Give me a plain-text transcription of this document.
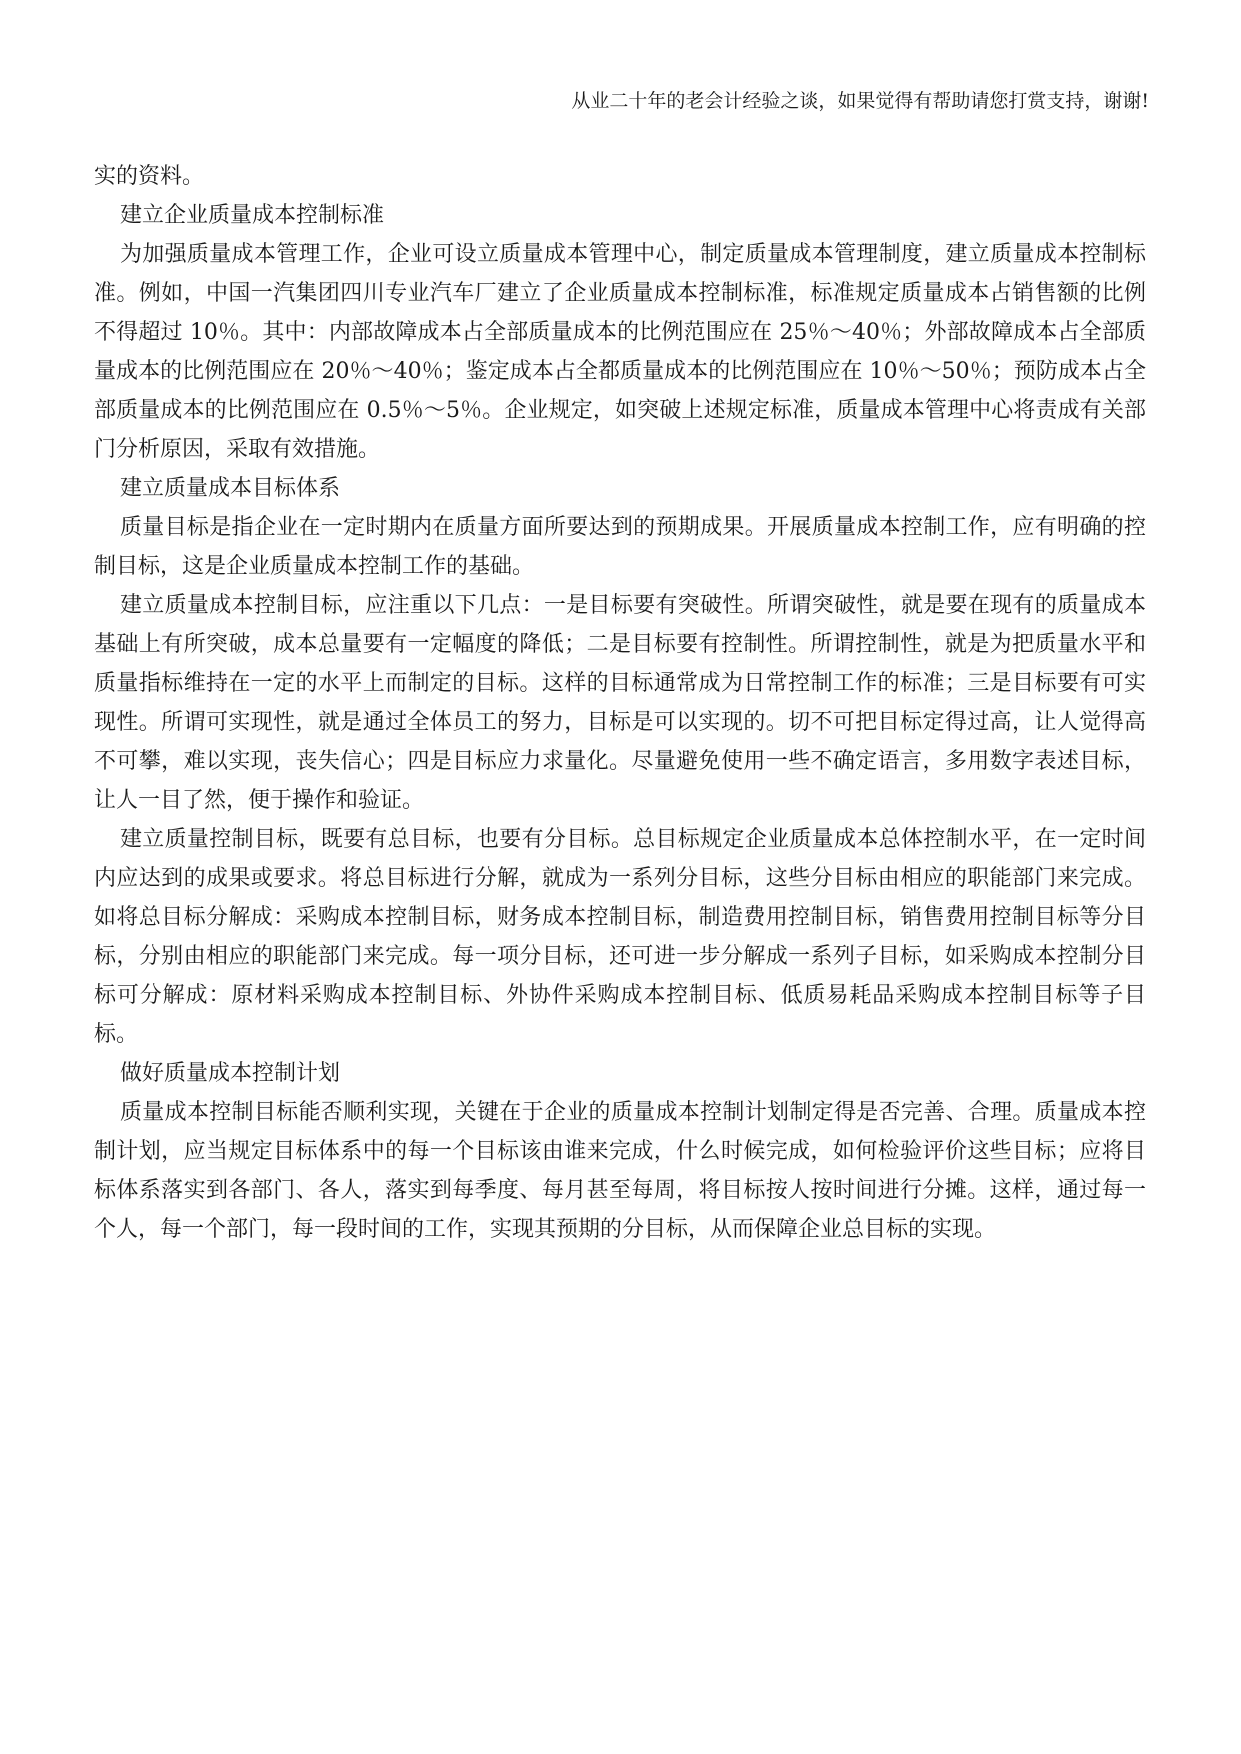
从业二十年的老会计经验之谈，如果觉得有帮助请您打赏支持，谢谢!

实的资料。

建立企业质量成本控制标准

为加强质量成本管理工作，企业可设立质量成本管理中心，制定质量成本管理制度，建立质量成本控制标准。例如，中国一汽集团四川专业汽车厂建立了企业质量成本控制标准，标准规定质量成本占销售额的比例不得超过 10％。其中：内部故障成本占全部质量成本的比例范围应在 25％～40％；外部故障成本占全部质量成本的比例范围应在 20％～40％；鉴定成本占全都质量成本的比例范围应在 10％～50％；预防成本占全部质量成本的比例范围应在 0.5％～5％。企业规定，如突破上述规定标准，质量成本管理中心将责成有关部门分析原因，采取有效措施。

建立质量成本目标体系

质量目标是指企业在一定时期内在质量方面所要达到的预期成果。开展质量成本控制工作，应有明确的控制目标，这是企业质量成本控制工作的基础。

建立质量成本控制目标，应注重以下几点：一是目标要有突破性。所谓突破性，就是要在现有的质量成本基础上有所突破，成本总量要有一定幅度的降低；二是目标要有控制性。所谓控制性，就是为把质量水平和质量指标维持在一定的水平上而制定的目标。这样的目标通常成为日常控制工作的标准；三是目标要有可实现性。所谓可实现性，就是通过全体员工的努力，目标是可以实现的。切不可把目标定得过高，让人觉得高不可攀，难以实现，丧失信心；四是目标应力求量化。尽量避免使用一些不确定语言，多用数字表述目标，让人一目了然，便于操作和验证。

建立质量控制目标，既要有总目标，也要有分目标。总目标规定企业质量成本总体控制水平，在一定时间内应达到的成果或要求。将总目标进行分解，就成为一系列分目标，这些分目标由相应的职能部门来完成。如将总目标分解成：采购成本控制目标，财务成本控制目标，制造费用控制目标，销售费用控制目标等分目标，分别由相应的职能部门来完成。每一项分目标，还可进一步分解成一系列子目标，如采购成本控制分目标可分解成：原材料采购成本控制目标、外协件采购成本控制目标、低质易耗品采购成本控制目标等子目标。

做好质量成本控制计划

质量成本控制目标能否顺利实现，关键在于企业的质量成本控制计划制定得是否完善、合理。质量成本控制计划，应当规定目标体系中的每一个目标该由谁来完成，什么时候完成，如何检验评价这些目标；应将目标体系落实到各部门、各人，落实到每季度、每月甚至每周，将目标按人按时间进行分摊。这样，通过每一个人，每一个部门，每一段时间的工作，实现其预期的分目标，从而保障企业总目标的实现。
